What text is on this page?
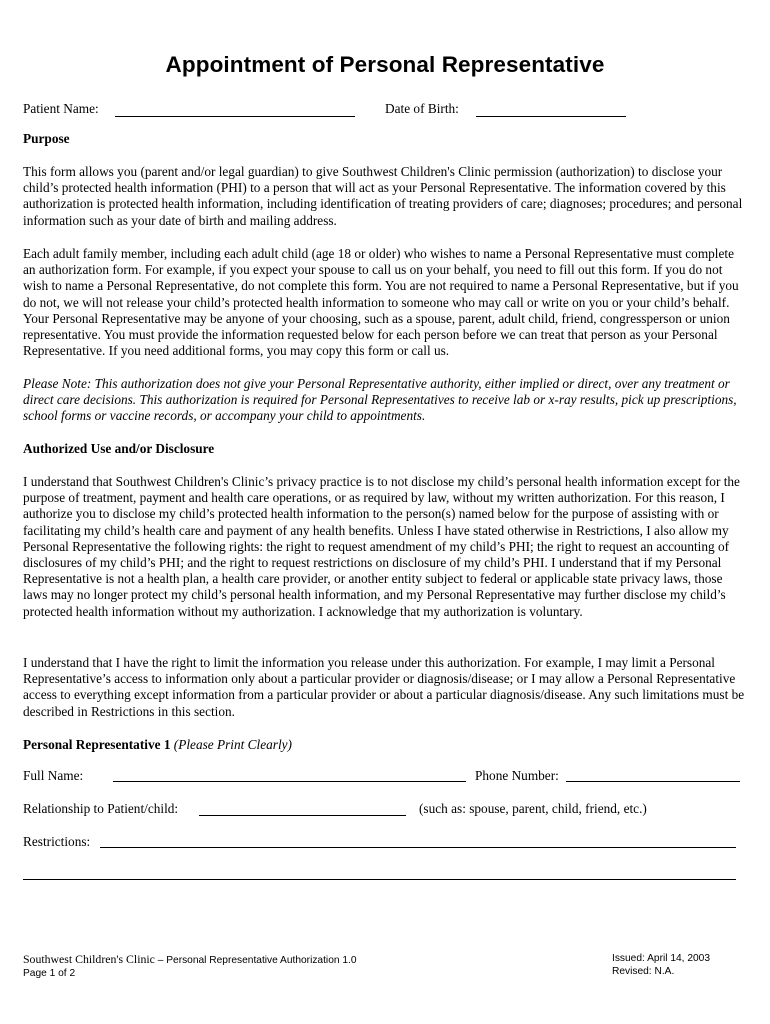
Appointment of Personal Representative
Patient Name:	Date of Birth:
Purpose

This form allows you (parent and/or legal guardian) to give Southwest Children's Clinic permission (authorization) to disclose your child’s protected health information (PHI) to a person that will act as your Personal Representative. The information covered by this authorization is protected health information, including identification of treating providers of care; diagnoses; procedures; and personal information such as your date of birth and mailing address.

Each adult family member, including each adult child (age 18 or older) who wishes to name a Personal Representative must complete an authorization form. For example, if you expect your spouse to call us on your behalf, you need to fill out this form. If you do not wish to name a Personal Representative, do not complete this form. You are not required to name a Personal Representative, but if you do not, we will not release your child’s protected health information to someone who may call or write on you or your child’s behalf. Your Personal Representative may be anyone of your choosing, such as a spouse, parent, adult child, friend, congressperson or union representative. You must provide the information requested below for each person before we can treat that person as your Personal Representative. If you need additional forms, you may copy this form or call us.

Please Note: This authorization does not give your Personal Representative authority, either implied or direct, over any treatment or direct care decisions. This authorization is required for Personal Representatives to receive lab or x-ray results, pick up prescriptions, school forms or vaccine records, or accompany your child to appointments.

Authorized Use and/or Disclosure

I understand that Southwest Children's Clinic’s privacy practice is to not disclose my child’s personal health information except for the purpose of treatment, payment and health care operations, or as required by law, without my written authorization. For this reason, I authorize you to disclose my child’s protected health information to the person(s) named below for the purpose of assisting with or facilitating my child’s health care and payment of any health benefits. Unless I have stated otherwise in Restrictions, I also allow my Personal Representative the following rights: the right to request amendment of my child’s PHI; the right to request an accounting of disclosures of my child’s PHI; and the right to request restrictions on disclosure of my child’s PHI. I understand that if my Personal Representative is not a health plan, a health care provider, or another entity subject to federal or applicable state privacy laws, those laws may no longer protect my child’s personal health information, and my Personal Representative may further disclose my child’s protected health information without my authorization. I acknowledge that my authorization is voluntary.

I understand that I have the right to limit the information you release under this authorization. For example, I may limit a Personal Representative’s access to information only about a particular provider or diagnosis/disease; or I may allow a Personal Representative access to everything except information from a particular provider or about a particular diagnosis/disease. Any such limitations must be described in Restrictions in this section.

Personal Representative 1 (Please Print Clearly)
Full Name:	Phone Number:
Relationship to Patient/child:	(such as: spouse, parent, child, friend, etc.)
Restrictions:
Southwest Children's Clinic – Personal Representative Authorization 1.0
Page 1 of 2
Issued: April 14, 2003
Revised: N.A.
